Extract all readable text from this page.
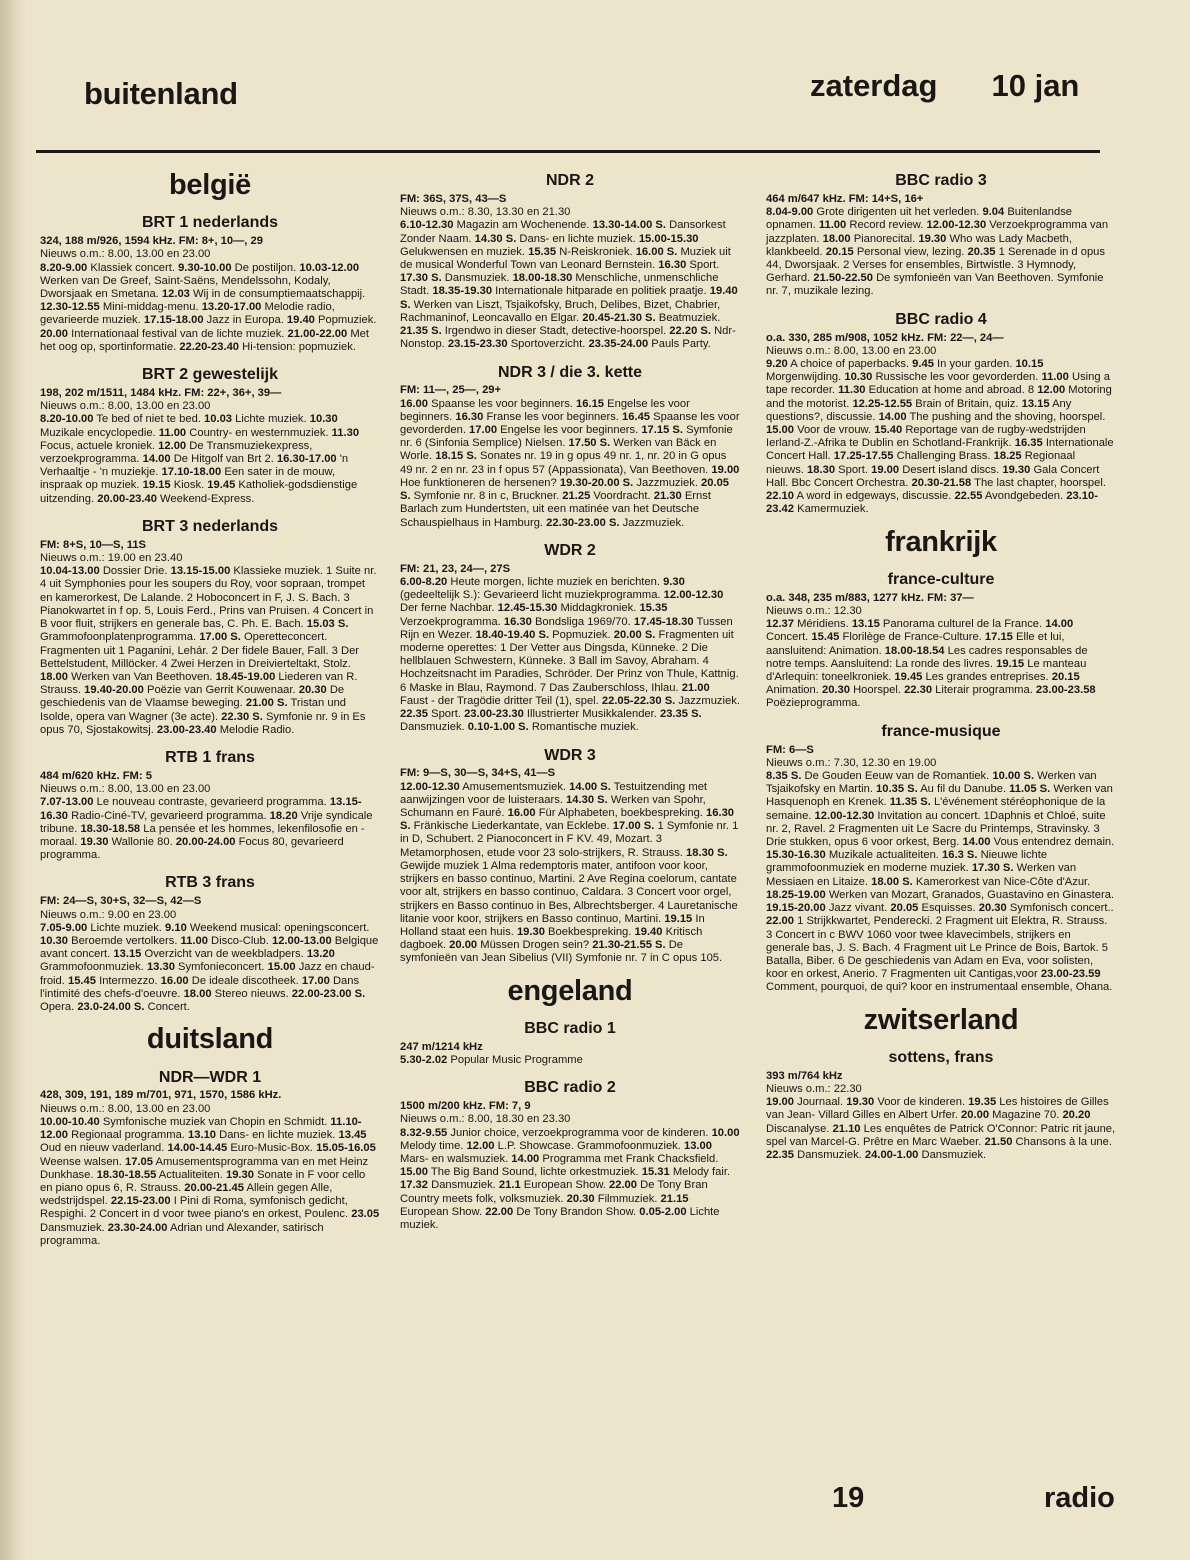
buitenland	zaterdag 10 jan
belgië
BRT 1 nederlands
324, 188 m/926, 1594 kHz. FM: 8+, 10—, 29
Nieuws o.m.: 8.00, 13.00 en 23.00
8.20-9.00 Klassiek concert. 9.30-10.00 De postiljon. 10.03-12.00 Werken van De Greef, Saint-Saëns, Mendelssohn, Kodaly, Dworsjaak en Smetana. 12.03 Wij in de consumptiemaatschappij. 12.30-12.55 Mini-middag-menu. 13.20-17.00 Melodie radio, gevarieerde muziek. 17.15-18.00 Jazz in Europa. 19.40 Popmuziek. 20.00 Internationaal festival van de lichte muziek. 21.00-22.00 Met het oog op, sportinformatie. 22.20-23.40 Hi-tension: popmuziek.
BRT 2 gewestelijk
198, 202 m/1511, 1484 kHz. FM: 22+, 36+, 39—
Nieuws o.m.: 8.00, 13.00 en 23.00
8.20-10.00 Te bed of niet te bed. 10.03 Lichte muziek. 10.30 Muzikale encyclopedie. 11.00 Country- en westernmuziek. 11.30 Focus, actuele kroniek. 12.00 De Transmuziekexpress, verzoekprogramma. 14.00 De Hitgolf van Brt 2. 16.30-17.00 'n Verhaaltje - 'n muziekje. 17.10-18.00 Een sater in de mouw, inspraak op muziek. 19.15 Kiosk. 19.45 Katholiek-godsdienstige uitzending. 20.00-23.40 Weekend-Express.
BRT 3 nederlands
FM: 8+S, 10—S, 11S
Nieuws o.m.: 19.00 en 23.40
10.04-13.00 Dossier Drie. 13.15-15.00 Klassieke muziek. 1 Suite nr. 4 uit Symphonies pour les soupers du Roy, voor sopraan, trompet en kamerorkest, De Lalande. 2 Hoboconcert in F, J. S. Bach. 3 Pianokwartet in f op. 5, Louis Ferd., Prins van Pruisen. 4 Concert in B voor fluit, strijkers en generale bas, C. Ph. E. Bach. 15.03 S. Grammofoonplatenprogramma. 17.00 S. Operetteconcert. Fragmenten uit 1 Paganini, Lehár. 2 Der fidele Bauer, Fall. 3 Der Bettelstudent, Millöcker. 4 Zwei Herzen in Dreivierteltakt, Stolz. 18.00 Werken van Van Beethoven. 18.45-19.00 Liederen van R. Strauss. 19.40-20.00 Poëzie van Gerrit Kouwenaar. 20.30 De geschiedenis van de Vlaamse beweging. 21.00 S. Tristan und Isolde, opera van Wagner (3e acte). 22.30 S. Symfonie nr. 9 in Es opus 70, Sjostakowitsj. 23.00-23.40 Melodie Radio.
RTB 1 frans
484 m/620 kHz. FM: 5
Nieuws o.m.: 8.00, 13.00 en 23.00
7.07-13.00 Le nouveau contraste, gevarieerd programma. 13.15-16.30 Radio-Ciné-TV, gevarieerd programma. 18.20 Vrije syndicale tribune. 18.30-18.58 La pensée et les hommes, lekenfilosofie en -moraal. 19.30 Wallonie 80. 20.00-24.00 Focus 80, gevarieerd programma.
RTB 3 frans
FM: 24—S, 30+S, 32—S, 42—S
Nieuws o.m.: 9.00 en 23.00
7.05-9.00 Lichte muziek. 9.10 Weekend musical: openingsconcert. 10.30 Beroemde vertolkers. 11.00 Disco-Club. 12.00-13.00 Belgique avant concert. 13.15 Overzicht van de weekbladpers. 13.20 Grammofoonmuziek. 13.30 Symfonieconcert. 15.00 Jazz en chaud-froid. 15.45 Intermezzo. 16.00 De ideale discotheek. 17.00 Dans l'intimité des chefs-d'oeuvre. 18.00 Stereo nieuws. 22.00-23.00 S. Opera. 23.0-24.00 S. Concert.
duitsland
NDR—WDR 1
428, 309, 191, 189 m/701, 971, 1570, 1586 kHz.
Nieuws o.m.: 8.00, 13.00 en 23.00
10.00-10.40 Symfonische muziek van Chopin en Schmidt. 11.10-12.00 Regionaal programma. 13.10 Dans- en lichte muziek. 13.45 Oud en nieuw vaderland. 14.00-14.45 Euro-Music-Box. 15.05-16.05 Weense walsen. 17.05 Amusementsprogramma van en met Heinz Dunkhase. 18.30-18.55 Actualiteiten. 19.30 Sonate in F voor cello en piano opus 6, R. Strauss. 20.00-21.45 Allein gegen Alle, wedstrijdspel. 22.15-23.00 I Pini di Roma, symfonisch gedicht, Respighi. 2 Concert in d voor twee piano's en orkest, Poulenc. 23.05 Dansmuziek. 23.30-24.00 Adrian und Alexander, satirisch programma.
NDR 2
FM: 36S, 37S, 43—S
Nieuws o.m.: 8.30, 13.30 en 21.30
6.10-12.30 Magazin am Wochenende. 13.30-14.00 S. Dansorkest Zonder Naam. 14.30 S. Dans- en lichte muziek. 15.00-15.30 Gelukwensen en muziek. 15.35 N-Reiskroniek. 16.00 S. Muziek uit de musical Wonderful Town van Leonard Bernstein. 16.30 Sport. 17.30 S. Dansmuziek. 18.00-18.30 Menschliche, unmenschliche Stadt. 18.35-19.30 Internationale hitparade en politiek praatje. 19.40 S. Werken van Liszt, Tsjaikofsky, Bruch, Delibes, Bizet, Chabrier, Rachmaninof, Leoncavallo en Elgar. 20.45-21.30 S. Beatmuziek. 21.35 S. Irgendwo in dieser Stadt, detective-hoorspel. 22.20 S. Ndr-Nonstop. 23.15-23.30 Sportoverzicht. 23.35-24.00 Pauls Party.
NDR 3 / die 3. kette
FM: 11—, 25—, 29+
16.00 Spaanse les voor beginners. 16.15 Engelse les voor beginners. 16.30 Franse les voor beginners. 16.45 Spaanse les voor gevorderden. 17.00 Engelse les voor beginners. 17.15 S. Symfonie nr. 6 (Sinfonia Semplice) Nielsen. 17.50 S. Werken van Bäck en Worle. 18.15 S. Sonates nr. 19 in g opus 49 nr. 1, nr. 20 in G opus 49 nr. 2 en nr. 23 in f opus 57 (Appassionata), Van Beethoven. 19.00 Hoe funktioneren de hersenen? 19.30-20.00 S. Jazzmuziek. 20.05 S. Symfonie nr. 8 in c, Bruckner. 21.25 Voordracht. 21.30 Ernst Barlach zum Hundertsten, uit een matinée van het Deutsche Schauspielhaus in Hamburg. 22.30-23.00 S. Jazzmuziek.
WDR 2
FM: 21, 23, 24—, 27S
6.00-8.20 Heute morgen, lichte muziek en berichten. 9.30 (gedeeltelijk S.): Gevarieerd licht muziekprogramma. 12.00-12.30 Der ferne Nachbar. 12.45-15.30 Middagkroniek. 15.35 Verzoekprogramma. 16.30 Bondsliga 1969/70. 17.45-18.30 Tussen Rijn en Wezer. 18.40-19.40 S. Popmuziek. 20.00 S. Fragmenten uit moderne operettes: 1 Der Vetter aus Dingsda, Künneke. 2 Die hellblauen Schwestern, Künneke. 3 Ball im Savoy, Abraham. 4 Hochzeitsnacht im Paradies, Schröder. Der Prinz von Thule, Kattnig. 6 Maske in Blau, Raymond. 7 Das Zauberschloss, Ihlau. 21.00 Faust - der Tragödie dritter Teil (1), spel. 22.05-22.30 S. Jazzmuziek. 22.35 Sport. 23.00-23.30 Illustrierter Musikkalender. 23.35 S. Dansmuziek. 0.10-1.00 S. Romantische muziek.
WDR 3
FM: 9—S, 30—S, 34+S, 41—S
12.00-12.30 Amusementsmuziek. 14.00 S. Testuitzending met aanwijzingen voor de luisteraars. 14.30 S. Werken van Spohr, Schumann en Fauré. 16.00 Für Alphabeten, boekbespreking. 16.30 S. Fränkische Liederkantate, van Ecklebe. 17.00 S. 1 Symfonie nr. 1 in D, Schubert. 2 Pianoconcert in F KV. 49, Mozart. 3 Metamorphosen, etude voor 23 solo-strijkers, R. Strauss. 18.30 S. Gewijde muziek 1 Alma redemptoris mater, antifoon voor koor, strijkers en basso continuo, Martini. 2 Ave Regina coelorum, cantate voor alt, strijkers en basso continuo, Caldara. 3 Concert voor orgel, strijkers en Basso continuo in Bes, Albrechtsberger. 4 Lauretanische litanie voor koor, strijkers en Basso continuo, Martini. 19.15 In Holland staat een huis. 19.30 Boekbespreking. 19.40 Kritisch dagboek. 20.00 Müssen Drogen sein? 21.30-21.55 S. De symfonieën van Jean Sibelius (VII) Symfonie nr. 7 in C opus 105.
engeland
BBC radio 1
247 m/1214 kHz
5.30-2.02 Popular Music Programme
BBC radio 2
1500 m/200 kHz. FM: 7, 9
Nieuws o.m.: 8.00, 18.30 en 23.30
8.32-9.55 Junior choice, verzoekprogramma voor de kinderen. 10.00 Melody time. 12.00 L.P. Showcase. Grammofoonmuziek. 13.00 Mars- en walsmuziek. 14.00 Programma met Frank Chacksfield. 15.00 The Big Band Sound, lichte orkestmuziek. 15.31 Melody fair. 17.32 Dansmuziek. 21.1 European Show. 22.00 De Tony Bran Country meets folk, volksmuziek. 20.30 Filmmuziek. 21.15 European Show. 22.00 De Tony Brandon Show. 0.05-2.00 Lichte muziek.
BBC radio 3
464 m/647 kHz. FM: 14+S, 16+
8.04-9.00 Grote dirigenten uit het verleden. 9.04 Buitenlandse opnamen. 11.00 Record review. 12.00-12.30 Verzoekprogramma van jazzplaten. 18.00 Pianorecital. 19.30 Who was Lady Macbeth, klankbeeld. 20.15 Personal view, lezing. 20.35 1 Serenade in d opus 44, Dworsjaak. 2 Verses for ensembles, Birtwistle. 3 Hymnody, Gerhard. 21.50-22.50 De symfonieën van Van Beethoven. Symfonie nr. 7, muzikale lezing.
BBC radio 4
o.a. 330, 285 m/908, 1052 kHz. FM: 22—, 24—
Nieuws o.m.: 8.00, 13.00 en 23.00
9.20 A choice of paperbacks. 9.45 In your garden. 10.15 Morgenwijding. 10.30 Russische les voor gevorderden. 11.00 Using a tape recorder. 11.30 Education at home and abroad. 8 12.00 Motoring and the motorist. 12.25-12.55 Brain of Britain, quiz. 13.15 Any questions?, discussie. 14.00 The pushing and the shoving, hoorspel. 15.00 Voor de vrouw. 15.40 Reportage van de rugby-wedstrijden Ierland-Z.-Afrika te Dublin en Schotland-Frankrijk. 16.35 Internationale Concert Hall. 17.25-17.55 Challenging Brass. 18.25 Regionaal nieuws. 18.30 Sport. 19.00 Desert island discs. 19.30 Gala Concert Hall. Bbc Concert Orchestra. 20.30-21.58 The last chapter, hoorspel. 22.10 A word in edgeways, discussie. 22.55 Avondgebeden. 23.10-23.42 Kamermuziek.
frankrijk
france-culture
o.a. 348, 235 m/883, 1277 kHz. FM: 37—
Nieuws o.m.: 12.30
12.37 Méridiens. 13.15 Panorama culturel de la France. 14.00 Concert. 15.45 Florilège de France-Culture. 17.15 Elle et lui, aansluitend: Animation. 18.00-18.54 Les cadres responsables de notre temps. Aansluitend: La ronde des livres. 19.15 Le manteau d'Arlequin: toneelkroniek. 19.45 Les grandes entreprises. 20.15 Animation. 20.30 Hoorspel. 22.30 Literair programma. 23.00-23.58 Poëzieprogramma.
france-musique
FM: 6—S
Nieuws o.m.: 7.30, 12.30 en 19.00
8.35 S. De Gouden Eeuw van de Romantiek. 10.00 S. Werken van Tsjaikofsky en Martin. 10.35 S. Au fil du Danube. 11.05 S. Werken van Hasquenoph en Krenek. 11.35 S. L'événement stéréophonique de la semaine. 12.00-12.30 Invitation au concert. 1Daphnis et Chloé, suite nr. 2, Ravel. 2 Fragmenten uit Le Sacre du Printemps, Stravinsky. 3 Drie stukken, opus 6 voor orkest, Berg. 14.00 Vous entendrez demain. 15.30-16.30 Muzikale actualiteiten. 16.3 S. Nieuwe lichte grammofoonmuziek en moderne muziek. 17.30 S. Werken van Messiaen en Litaize. 18.00 S. Kamerorkest van Nice-Côte d'Azur. 18.25-19.00 Werken van Mozart, Granados, Guastavino en Ginastera. 19.15-20.00 Jazz vivant. 20.05 Esquisses. 20.30 Symfonisch concert.. 22.00 1 Strijkkwartet, Penderecki. 2 Fragment uit Elektra, R. Strauss. 3 Concert in c BWV 1060 voor twee klavecimbels, strijkers en generale bas, J. S. Bach. 4 Fragment uit Le Prince de Bois, Bartok. 5 Batalla, Biber. 6 De geschiedenis van Adam en Eva, voor solisten, koor en orkest, Anerio. 7 Fragmenten uit Cantigas,voor 23.00-23.59 Comment, pourquoi, de qui? koor en instrumentaal ensemble, Ohana.
zwitserland
sottens, frans
393 m/764 kHz
Nieuws o.m.: 22.30
19.00 Journaal. 19.30 Voor de kinderen. 19.35 Les histoires de Gilles van Jean- Villard Gilles en Albert Urfer. 20.00 Magazine 70. 20.20 Discanalyse. 21.10 Les enquêtes de Patrick O'Connor: Patric rit jaune, spel van Marcel-G. Prêtre en Marc Waeber. 21.50 Chansons à la une. 22.35 Dansmuziek. 24.00-1.00 Dansmuziek.
19	radio
